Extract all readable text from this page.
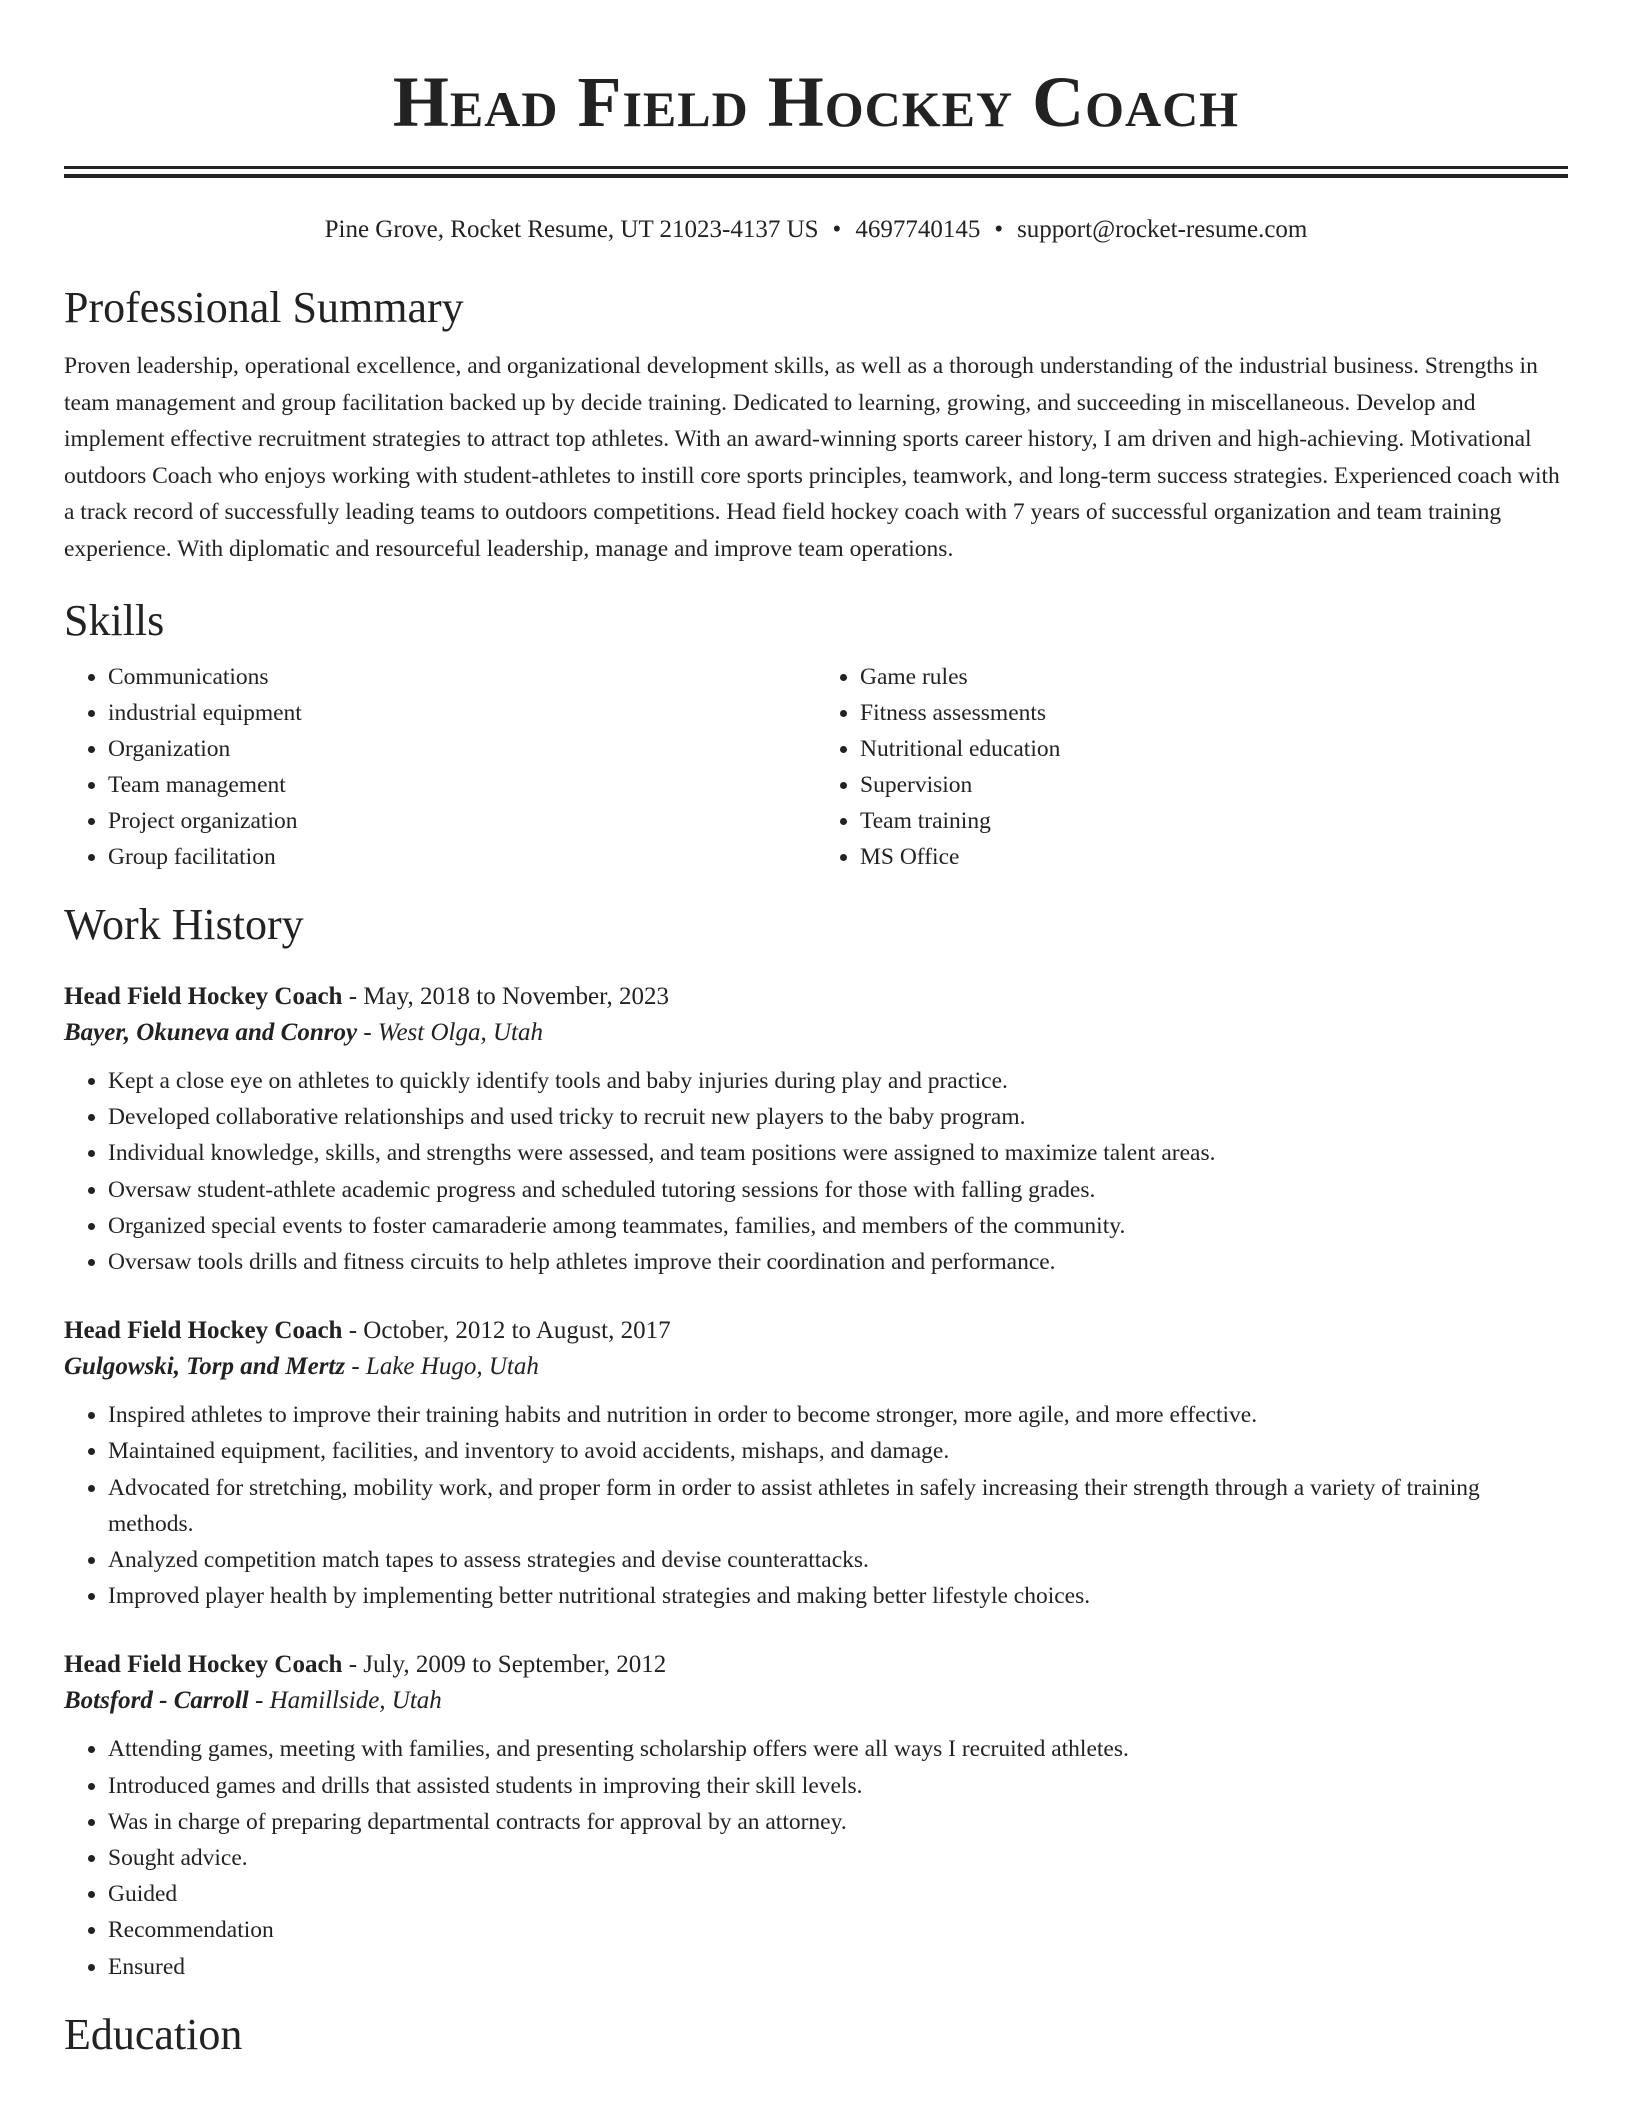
Head Field Hockey Coach
Pine Grove, Rocket Resume, UT 21023-4137 US • 4697740145 • support@rocket-resume.com
Professional Summary

Proven leadership, operational excellence, and organizational development skills, as well as a thorough understanding of the industrial business. Strengths in team management and group facilitation backed up by decide training. Dedicated to learning, growing, and succeeding in miscellaneous. Develop and implement effective recruitment strategies to attract top athletes. With an award-winning sports career history, I am driven and high-achieving. Motivational outdoors Coach who enjoys working with student-athletes to instill core sports principles, teamwork, and long-term success strategies. Experienced coach with a track record of successfully leading teams to outdoors competitions. Head field hockey coach with 7 years of successful organization and team training experience. With diplomatic and resourceful leadership, manage and improve team operations.

Skills
• Communications
• industrial equipment
• Organization
• Team management
• Project organization
• Group facilitation
• Game rules
• Fitness assessments
• Nutritional education
• Supervision
• Team training
• MS Office
Work History
Head Field Hockey Coach - May, 2018 to November, 2023
Bayer, Okuneva and Conroy - West Olga, Utah
• Kept a close eye on athletes to quickly identify tools and baby injuries during play and practice.
• Developed collaborative relationships and used tricky to recruit new players to the baby program.
• Individual knowledge, skills, and strengths were assessed, and team positions were assigned to maximize talent areas.
• Oversaw student-athlete academic progress and scheduled tutoring sessions for those with falling grades.
• Organized special events to foster camaraderie among teammates, families, and members of the community.
• Oversaw tools drills and fitness circuits to help athletes improve their coordination and performance.
Head Field Hockey Coach - October, 2012 to August, 2017
Gulgowski, Torp and Mertz - Lake Hugo, Utah
• Inspired athletes to improve their training habits and nutrition in order to become stronger, more agile, and more effective.
• Maintained equipment, facilities, and inventory to avoid accidents, mishaps, and damage.
• Advocated for stretching, mobility work, and proper form in order to assist athletes in safely increasing their strength through a variety of training methods.
• Analyzed competition match tapes to assess strategies and devise counterattacks.
• Improved player health by implementing better nutritional strategies and making better lifestyle choices.
Head Field Hockey Coach - July, 2009 to September, 2012
Botsford - Carroll - Hamillside, Utah
• Attending games, meeting with families, and presenting scholarship offers were all ways I recruited athletes.
• Introduced games and drills that assisted students in improving their skill levels.
• Was in charge of preparing departmental contracts for approval by an attorney.
• Sought advice.
• Guided
• Recommendation
• Ensured
Education
